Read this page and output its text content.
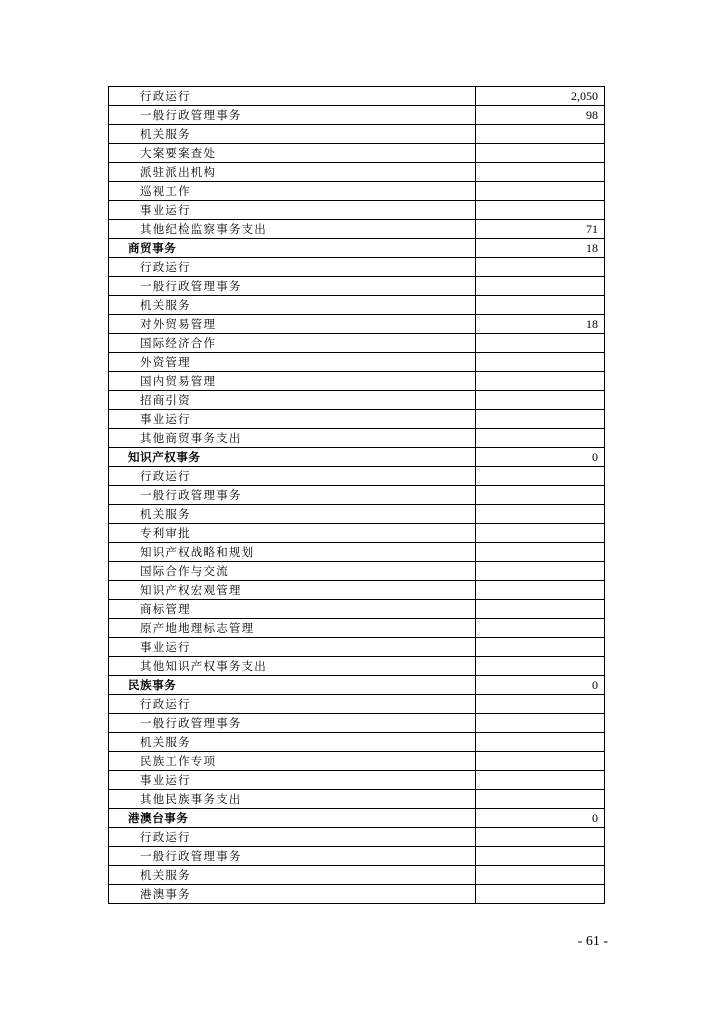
行政运行	2,050
一般行政管理事务	98
机关服务	
大案要案查处	
派驻派出机构	
巡视工作	
事业运行	
其他纪检监察事务支出	71
商贸事务	18
行政运行	
一般行政管理事务	
机关服务	
对外贸易管理	18
国际经济合作	
外资管理	
国内贸易管理	
招商引资	
事业运行	
其他商贸事务支出	
知识产权事务	0
行政运行	
一般行政管理事务	
机关服务	
专利审批	
知识产权战略和规划	
国际合作与交流	
知识产权宏观管理	
商标管理	
原产地地理标志管理	
事业运行	
其他知识产权事务支出	
民族事务	0
行政运行	
一般行政管理事务	
机关服务	
民族工作专项	
事业运行	
其他民族事务支出	
港澳台事务	0
行政运行	
一般行政管理事务	
机关服务	
港澳事务	
- 61 -
